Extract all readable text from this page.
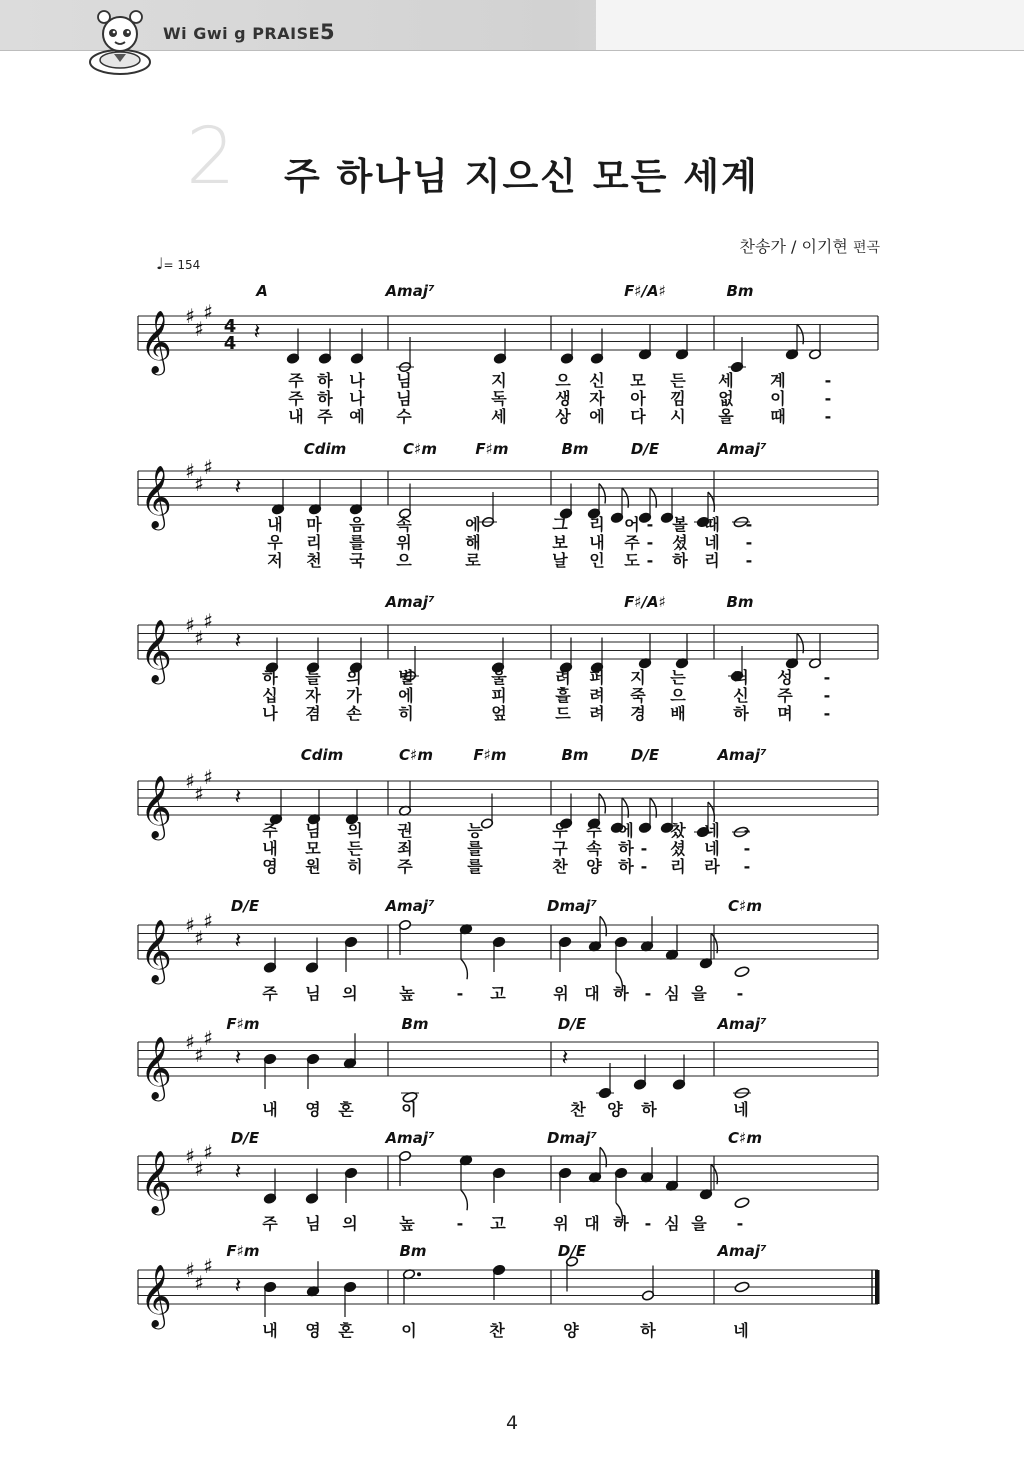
Wi Gwi g PRAISE5
2 주 하나님 지으신 모든 세계
찬송가 / 이기현 편곡
♩= 154
𝄞 ♯
♯
♯
4
4 𝄽
A	Amaj⁷	F♯/A♯	Bm
주 하 나 님	지	으 신 모 든 세 계 -
주 하 나 님	독	생 자 아 낌 없 이 -
내 주 예 수	세	상 에 다 시 올 때 -
𝄞 ♯
♯
♯
𝄽
Cdim	C♯m	F♯m	Bm	D/E	Amaj⁷
내 마 음 속	에	그 리 어 - 볼 때 -
우 리 를 위	해	보 내 주 - 셨 네 -
저 천 국 으	로	날 인 도 - 하 리 -
𝄞 ♯
♯
♯
𝄽
Amaj⁷	F♯/A♯	Bm
하 늘 의 별	울	려 퍼 지 는	뇌 성 -
십 자 가 에	피	흘 려 죽 으	신 주 -
나 겸 손 히	엎	드 려 경 배	하 며 -
𝄞 ♯
♯
♯
𝄽
Cdim	C♯m	F♯m	Bm	D/E	Amaj⁷
주 님 의 권	능	우 주 에 - 찼 네 -
내 모 든 죄	를	구 속 하 - 셨 네 -
영 원 히 주	를	찬 양 하 - 리 라 -
𝄞 ♯
♯
♯
𝄽
D/E	Amaj⁷	Dmaj⁷	C♯m
주 님 의	높	- 고	위 대 하 - 심 을 -
𝄞 ♯
♯
♯
𝄽	𝄽
F♯m	Bm	D/E	Amaj⁷
내 영 혼	이	찬 양 하	네
𝄞 ♯
♯
♯
𝄽
D/E	Amaj⁷	Dmaj⁷	C♯m
주 님 의	높	- 고	위 대 하 - 심 을 -
𝄞 ♯
♯
♯
𝄽
F♯m	Bm	D/E	Amaj⁷
내 영 혼	이	찬	양	하	네
4
